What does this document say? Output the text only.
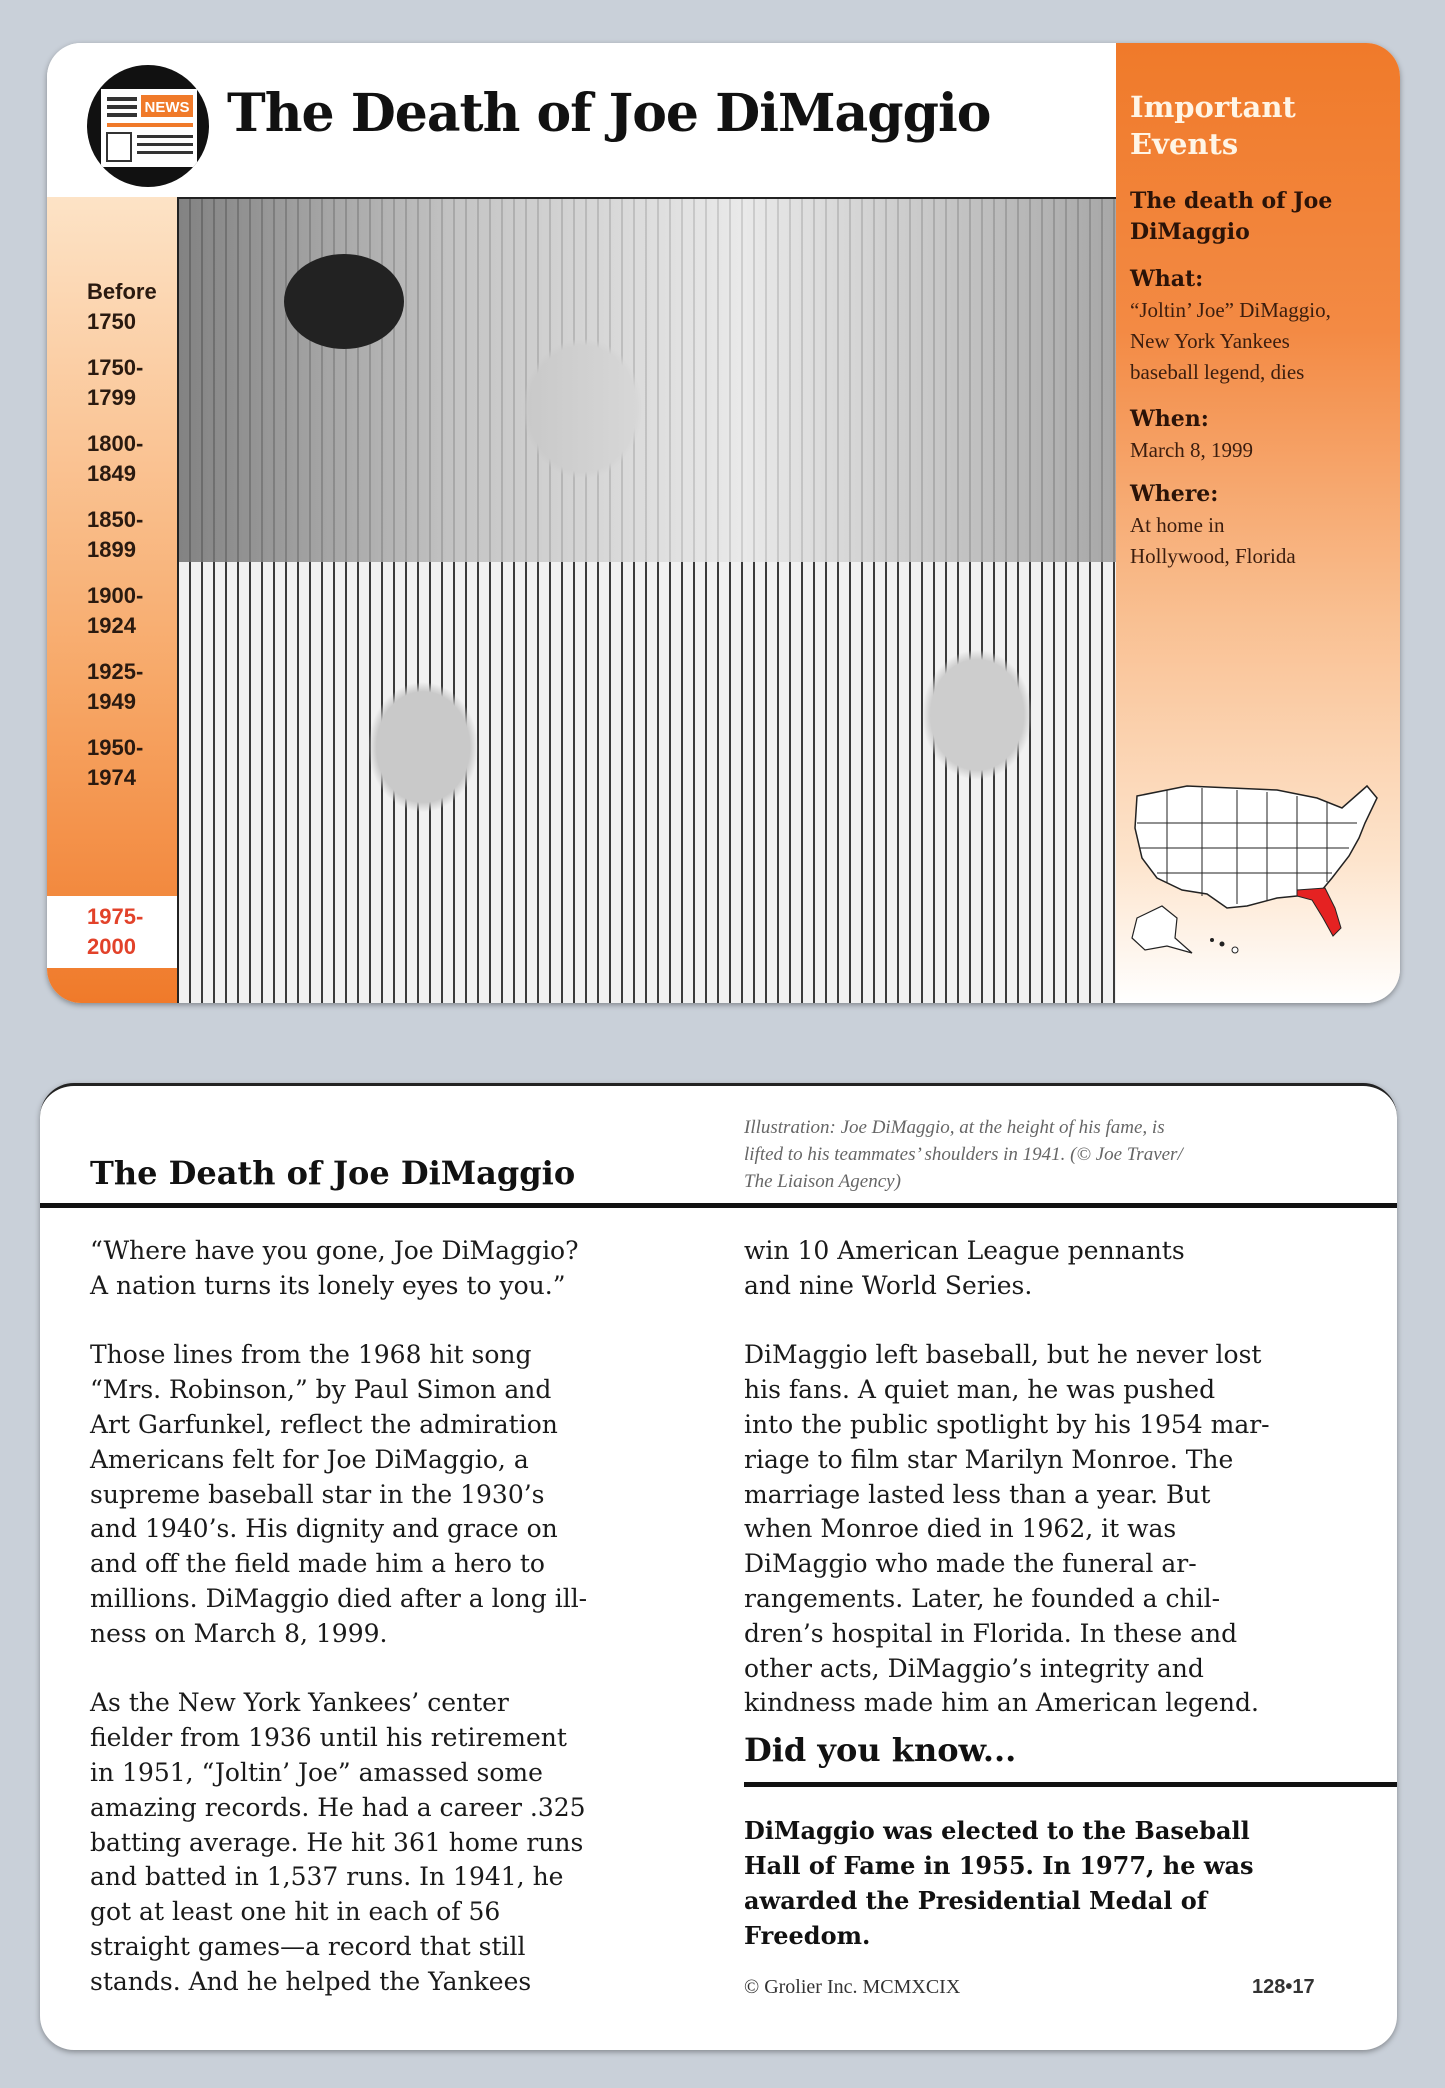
NEWS The Death of Joe DiMaggio
Before
1750
1750-
1799
1800-
1849
1850-
1899
1900-
1924
1925-
1949
1950-
1974
1975-
2000
Important
Events
The death of Joe
DiMaggio
What:
“Joltin’ Joe” DiMaggio,
New York Yankees
baseball legend, dies
When:
March 8, 1999
Where:
At home in
Hollywood, Florida
The Death of Joe DiMaggio
Illustration: Joe DiMaggio, at the height of his fame, is
lifted to his teammates’ shoulders in 1941. (© Joe Traver/
The Liaison Agency)
“Where have you gone, Joe DiMaggio?
A nation turns its lonely eyes to you.”
Those lines from the 1968 hit song
“Mrs. Robinson,” by Paul Simon and
Art Garfunkel, reflect the admiration
Americans felt for Joe DiMaggio, a
supreme baseball star in the 1930’s
and 1940’s. His dignity and grace on
and off the field made him a hero to
millions. DiMaggio died after a long ill-
ness on March 8, 1999.
As the New York Yankees’ center
fielder from 1936 until his retirement
in 1951, “Joltin’ Joe” amassed some
amazing records. He had a career .325
batting average. He hit 361 home runs
and batted in 1,537 runs. In 1941, he
got at least one hit in each of 56
straight games—a record that still
stands. And he helped the Yankees
win 10 American League pennants
and nine World Series.
DiMaggio left baseball, but he never lost
his fans. A quiet man, he was pushed
into the public spotlight by his 1954 mar-
riage to film star Marilyn Monroe. The
marriage lasted less than a year. But
when Monroe died in 1962, it was
DiMaggio who made the funeral ar-
rangements. Later, he founded a chil-
dren’s hospital in Florida. In these and
other acts, DiMaggio’s integrity and
kindness made him an American legend.
Did you know...
DiMaggio was elected to the Baseball
Hall of Fame in 1955. In 1977, he was
awarded the Presidential Medal of
Freedom.
© Grolier Inc. MCMXCIX	128•17
